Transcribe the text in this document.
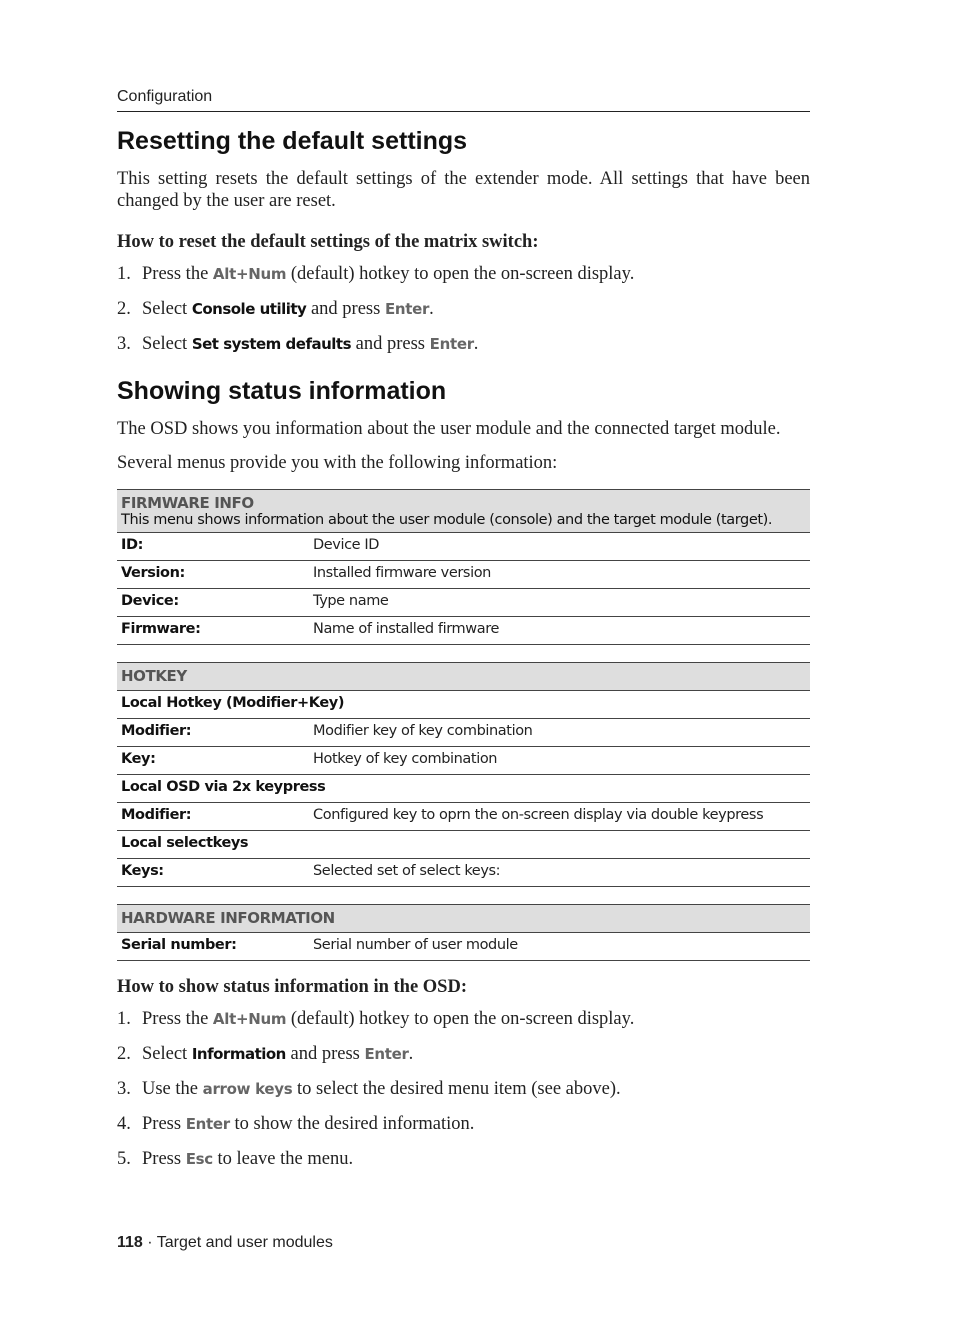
Configuration
Resetting the default settings

This setting resets the default settings of the extender mode. All settings that have been changed by the user are reset.

How to reset the default settings of the matrix switch:

1. Press the Alt+Num (default) hotkey to open the on-screen display.
2. Select Console utility and press Enter.
3. Select Set system defaults and press Enter.
Showing status information

The OSD shows you information about the user module and the connected target module.

Several menus provide you with the following information:

FIRMWARE INFO
This menu shows information about the user module (console) and the target module (target).	

ID:	Device ID
Version:	Installed firmware version
Device:	Type name
Firmware:	Name of installed firmware
HOTKEY	
Local Hotkey (Modifier+Key)	
Modifier:	Modifier key of key combination
Key:	Hotkey of key combination
Local OSD via 2x keypress	
Modifier:	Configured key to oprn the on-screen display via double keypress
Local selectkeys	
Keys:	Selected set of select keys:
HARDWARE INFORMATION
Serial number:	Serial number of user module

How to show status information in the OSD:

1. Press the Alt+Num (default) hotkey to open the on-screen display.
2. Select Information and press Enter.
3. Use the arrow keys to select the desired menu item (see above).
4. Press Enter to show the desired information.
5. Press Esc to leave the menu.
118 · Target and user modules
